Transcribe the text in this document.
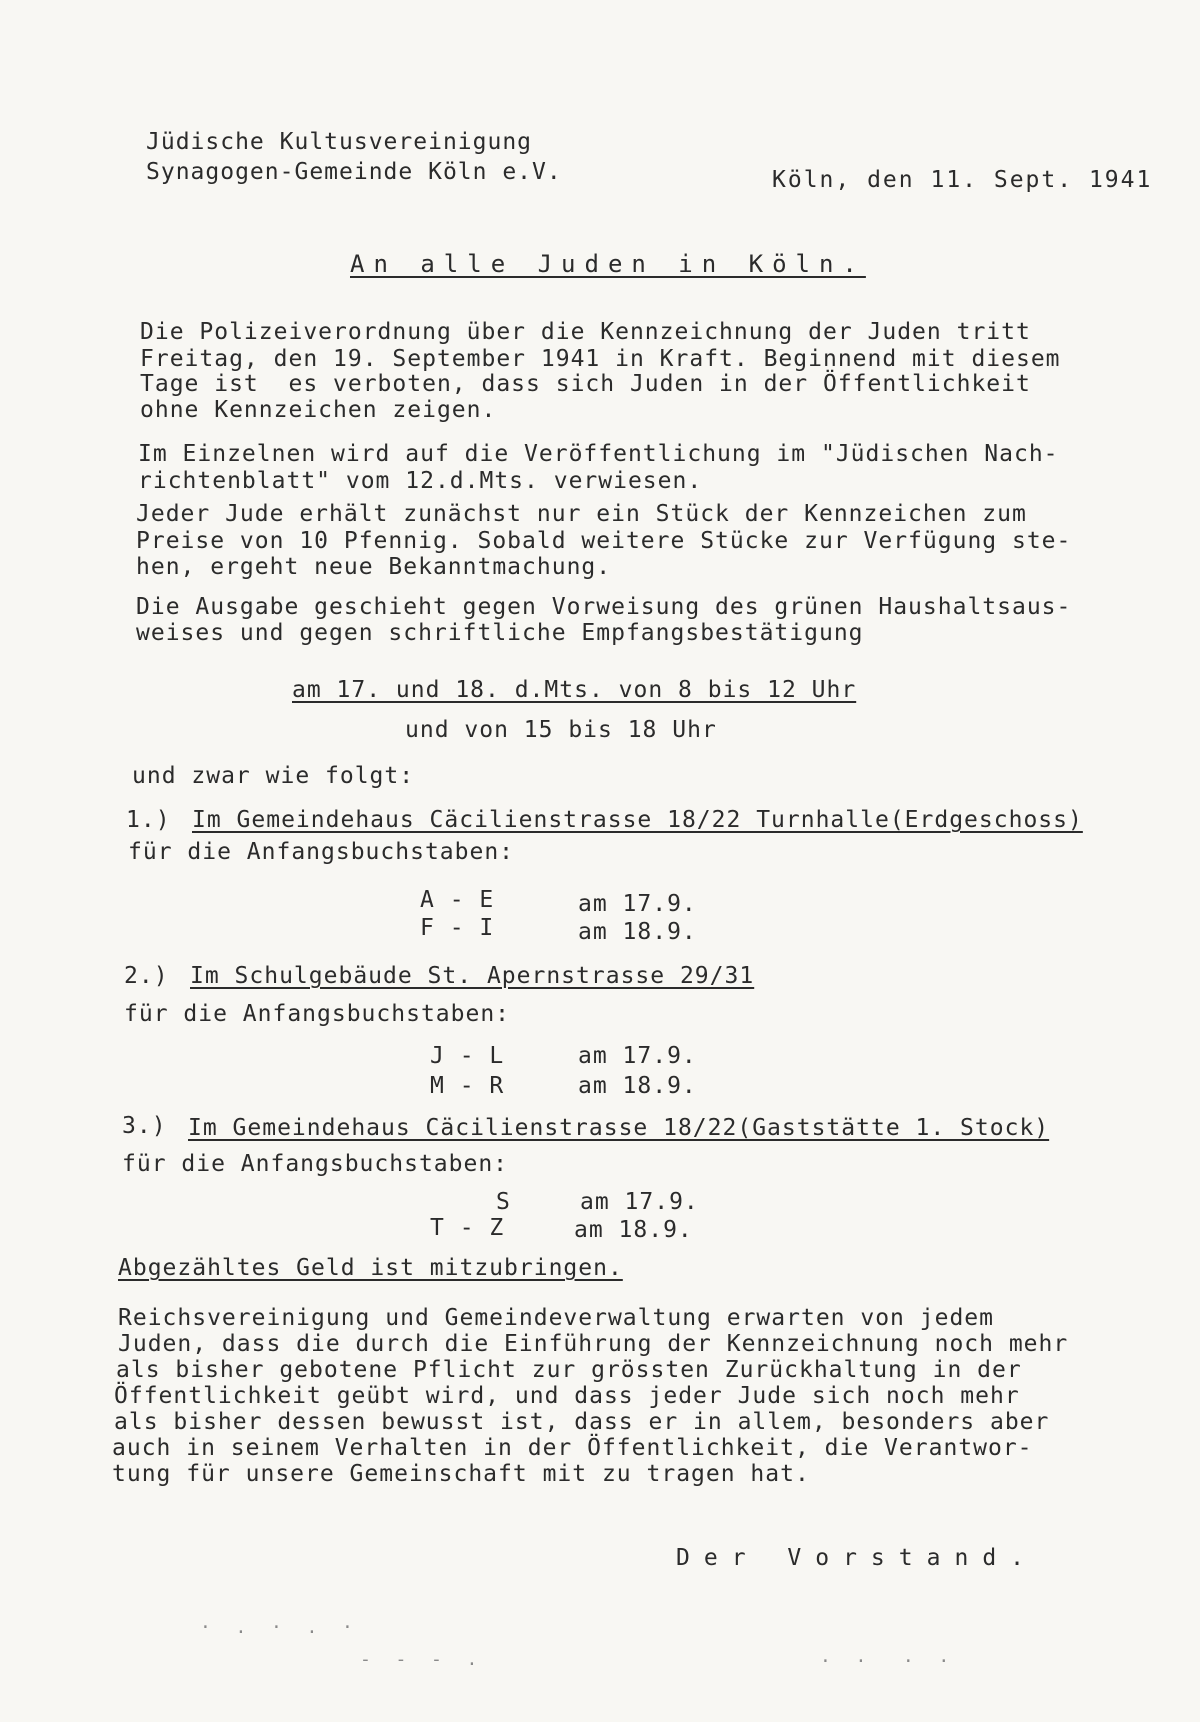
Jüdische Kultusvereinigung
Synagogen-Gemeinde Köln e.V.	Köln, den 11. Sept. 1941
An alle Juden in Köln.
Die Polizeiverordnung über die Kennzeichnung der Juden tritt
Freitag, den 19. September 1941 in Kraft. Beginnend mit diesem
Tage ist  es verboten, dass sich Juden in der Öffentlichkeit
ohne Kennzeichen zeigen.
Im Einzelnen wird auf die Veröffentlichung im "Jüdischen Nach-
richtenblatt" vom 12.d.Mts. verwiesen.
Jeder Jude erhält zunächst nur ein Stück der Kennzeichen zum
Preise von 10 Pfennig. Sobald weitere Stücke zur Verfügung ste-
hen, ergeht neue Bekanntmachung.
Die Ausgabe geschieht gegen Vorweisung des grünen Haushaltsaus-
weises und gegen schriftliche Empfangsbestätigung
am 17. und 18. d.Mts. von 8 bis 12 Uhr
und von 15 bis 18 Uhr
und zwar wie folgt:
1.) Im Gemeindehaus Cäcilienstrasse 18/22 Turnhalle(Erdgeschoss)
für die Anfangsbuchstaben:
A - E	am 17.9.
F - I	am 18.9.
2.) Im Schulgebäude St. Apernstrasse 29/31
für die Anfangsbuchstaben:
J - L	am 17.9.
M - R	am 18.9.
3.) Im Gemeindehaus Cäcilienstrasse 18/22(Gaststätte 1. Stock)
für die Anfangsbuchstaben:
S	am 17.9.
T - Z	am 18.9.
Abgezähltes Geld ist mitzubringen.
Reichsvereinigung und Gemeindeverwaltung erwarten von jedem
Juden, dass die durch die Einführung der Kennzeichnung noch mehr
als bisher gebotene Pflicht zur grössten Zurückhaltung in der
Öffentlichkeit geübt wird, und dass jeder Jude sich noch mehr
als bisher dessen bewusst ist, dass er in allem, besonders aber
auch in seinem Verhalten in der Öffentlichkeit, die Verantwor-
tung für unsere Gemeinschaft mit zu tragen hat.
Der Vorstand.
·  .  ·  .  ·
-  -  -  .	·  ·   ·  ·
